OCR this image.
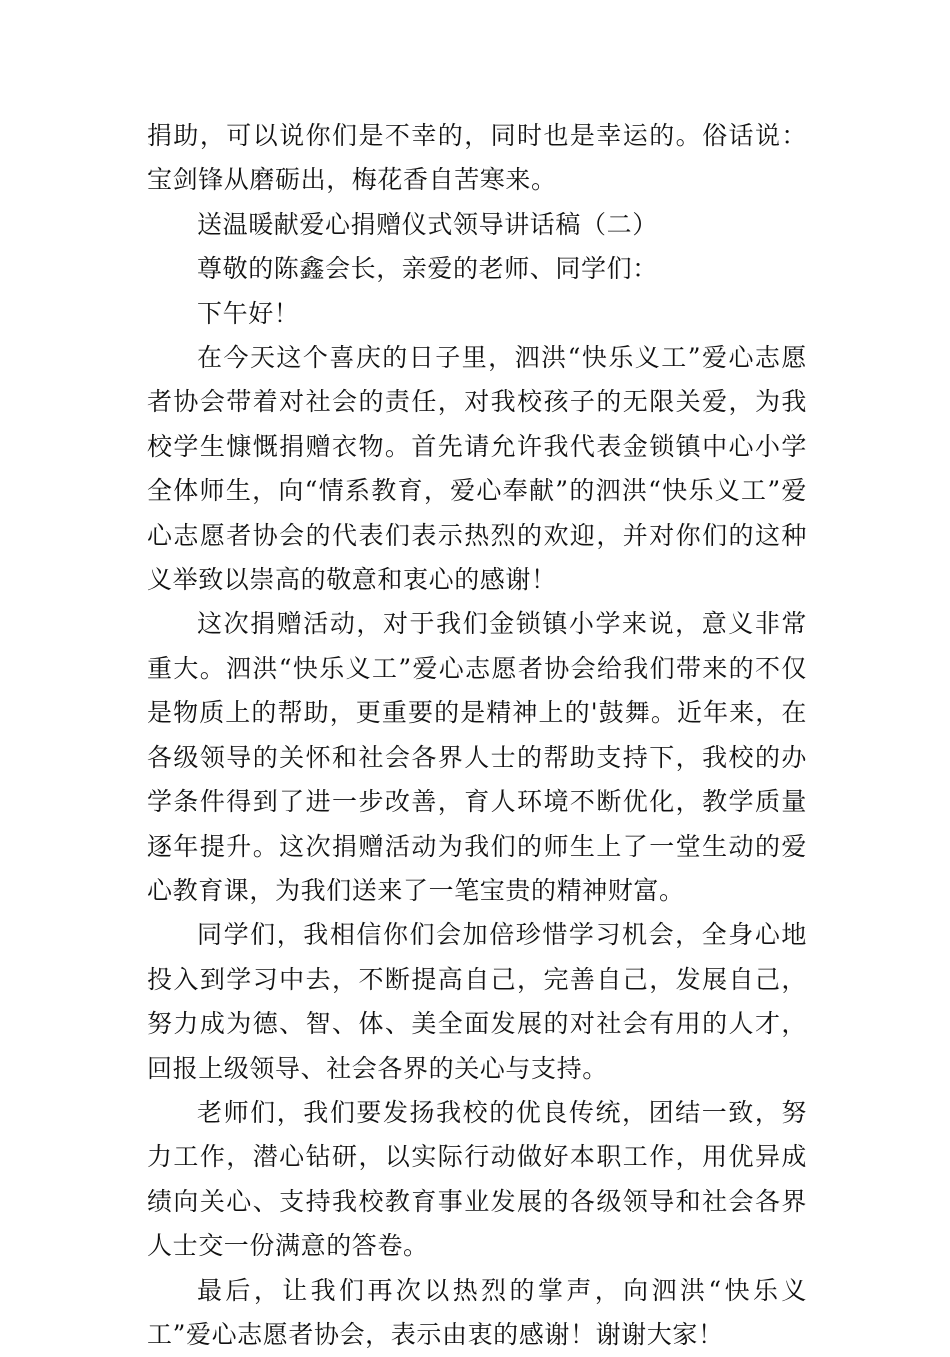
捐助，可以说你们是不幸的，同时也是幸运的。俗话说：宝剑锋从磨砺出，梅花香自苦寒来。

送温暖献爱心捐赠仪式领导讲话稿（二）

尊敬的陈鑫会长，亲爱的老师、同学们：

下午好！

在今天这个喜庆的日子里，泗洪“快乐义工”爱心志愿者协会带着对社会的责任，对我校孩子的无限关爱，为我校学生慷慨捐赠衣物。首先请允许我代表金锁镇中心小学全体师生，向“情系教育，爱心奉献”的泗洪“快乐义工”爱心志愿者协会的代表们表示热烈的欢迎，并对你们的这种义举致以崇高的敬意和衷心的感谢！

这次捐赠活动，对于我们金锁镇小学来说，意义非常重大。泗洪“快乐义工”爱心志愿者协会给我们带来的不仅是物质上的帮助，更重要的是精神上的'鼓舞。近年来，在各级领导的关怀和社会各界人士的帮助支持下，我校的办学条件得到了进一步改善，育人环境不断优化，教学质量逐年提升。这次捐赠活动为我们的师生上了一堂生动的爱心教育课，为我们送来了一笔宝贵的精神财富。

同学们，我相信你们会加倍珍惜学习机会，全身心地投入到学习中去，不断提高自己，完善自己，发展自己，努力成为德、智、体、美全面发展的对社会有用的人才，回报上级领导、社会各界的关心与支持。

老师们，我们要发扬我校的优良传统，团结一致，努力工作，潜心钻研，以实际行动做好本职工作，用优异成绩向关心、支持我校教育事业发展的各级领导和社会各界人士交一份满意的答卷。

最后，让我们再次以热烈的掌声，向泗洪“快乐义工”爱心志愿者协会，表示由衷的感谢！谢谢大家！
